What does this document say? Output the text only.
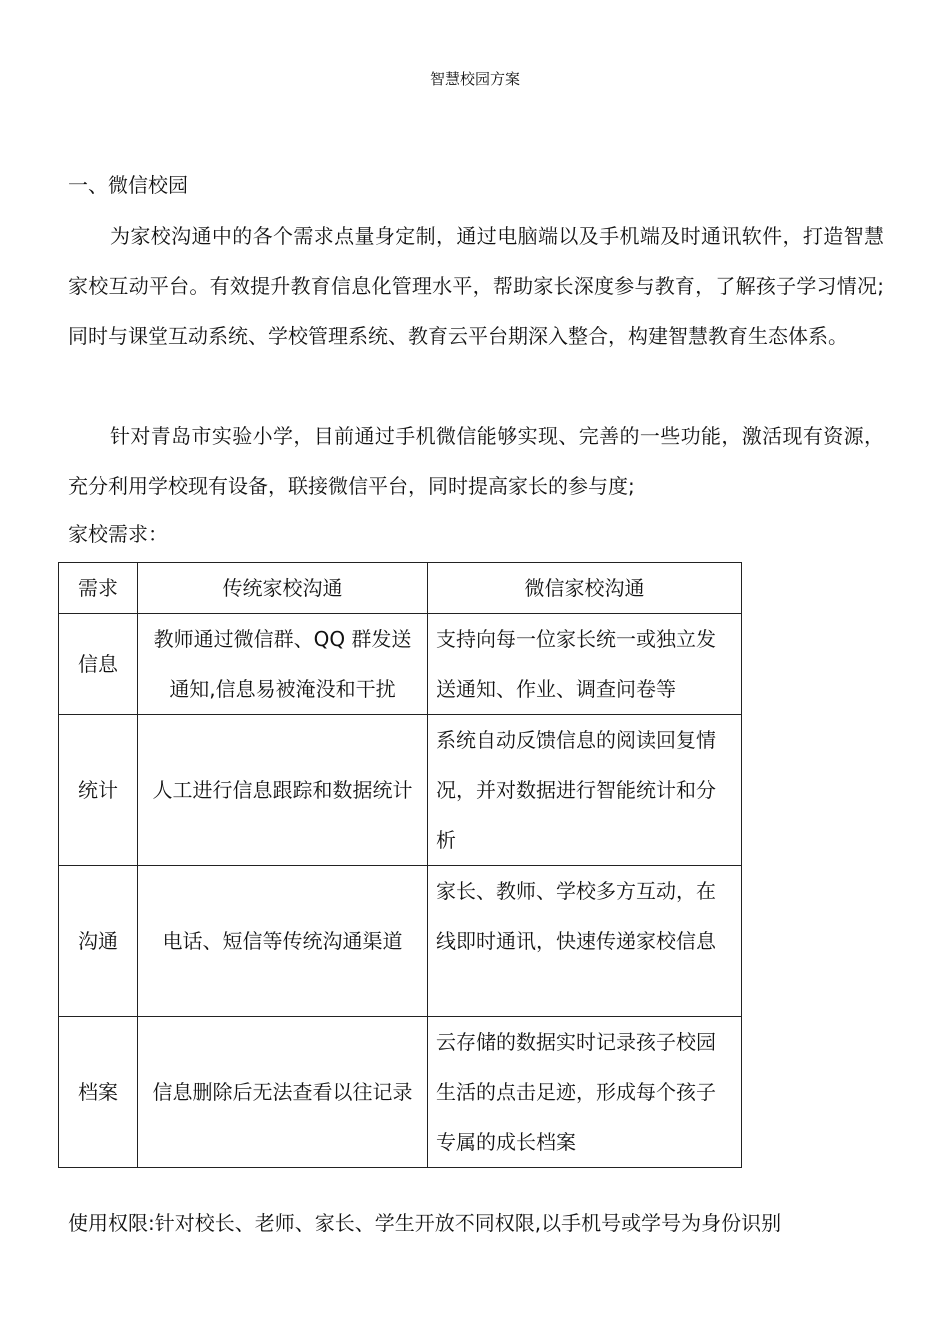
智慧校园方案
一、微信校园
为家校沟通中的各个需求点量身定制，通过电脑端以及手机端及时通讯软件，打造智慧家校互动平台。有效提升教育信息化管理水平，帮助家长深度参与教育，了解孩子学习情况;同时与课堂互动系统、学校管理系统、教育云平台期深入整合，构建智慧教育生态体系。
针对青岛市实验小学，目前通过手机微信能够实现、完善的一些功能，激活现有资源，充分利用学校现有设备，联接微信平台，同时提高家长的参与度;
家校需求：
需求	传统家校沟通	微信家校沟通
信息	教师通过微信群、QQ 群发送通知,信息易被淹没和干扰	支持向每一位家长统一或独立发送通知、作业、调查问卷等
统计	人工进行信息跟踪和数据统计	系统自动反馈信息的阅读回复情况，并对数据进行智能统计和分析
沟通	电话、短信等传统沟通渠道	家长、教师、学校多方互动，在线即时通讯，快速传递家校信息
档案	信息删除后无法查看以往记录	云存储的数据实时记录孩子校园生活的点击足迹，形成每个孩子专属的成长档案
使用权限:针对校长、老师、家长、学生开放不同权限,以手机号或学号为身份识别
